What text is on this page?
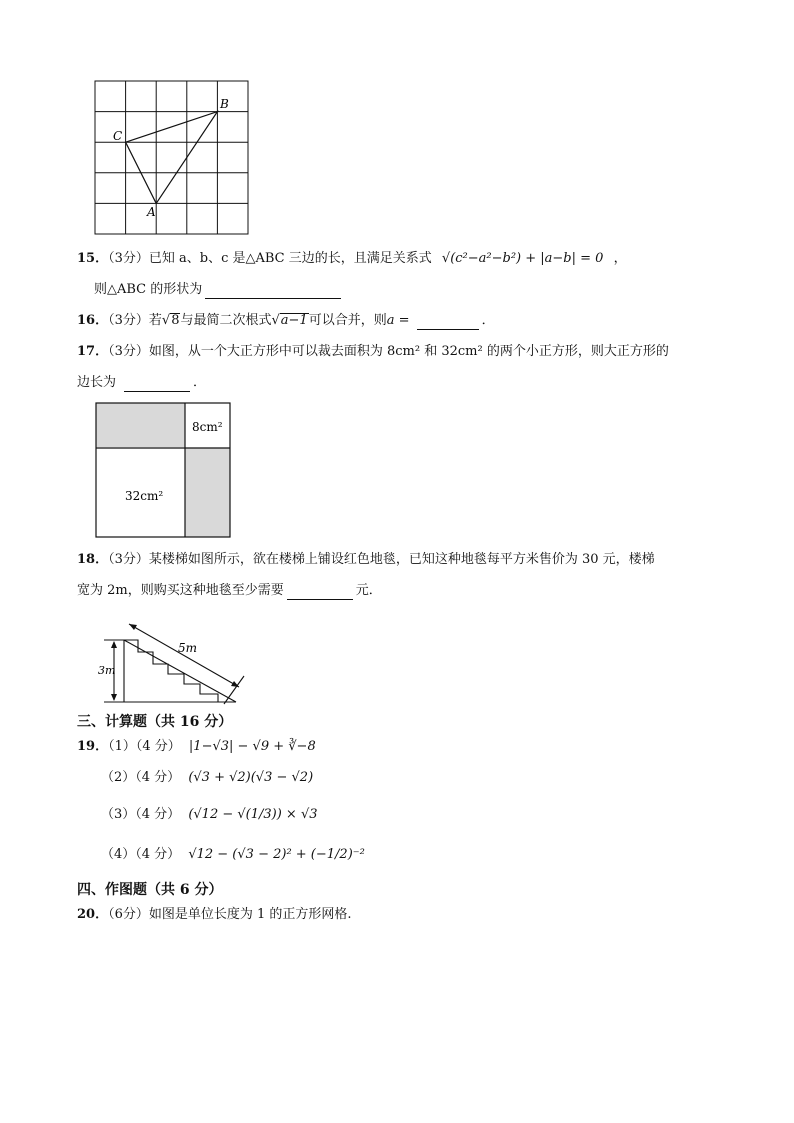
B
C
A
15．（3分）已知 a、b、c 是△ABC 三边的长，且满足关系式 √(c²−a²−b²) + |a−b| = 0 ，
则△ABC 的形状为
16．（3分）若√8与最简二次根式√a−1可以合并，则a =	．
17．（3分）如图，从一个大正方形中可以裁去面积为 8cm² 和 32cm² 的两个小正方形，则大正方形的
边长为	．
8cm²
32cm²
18．（3分）某楼梯如图所示，欲在楼梯上铺设红色地毯，已知这种地毯每平方米售价为 30 元，楼梯
宽为 2m，则购买这种地毯至少需要	元．
3m
5m
三、计算题（共 16 分）
19．（1）（4 分） |1−√3| − √9 + ∛−8
（2）（4 分） (√3 + √2)(√3 − √2)
（3）（4 分） (√12 − √(1/3)) × √3
（4）（4 分） √12 − (√3 − 2)² + (−1/2)⁻²
四、作图题（共 6 分）
20．（6分）如图是单位长度为 1 的正方形网格.
